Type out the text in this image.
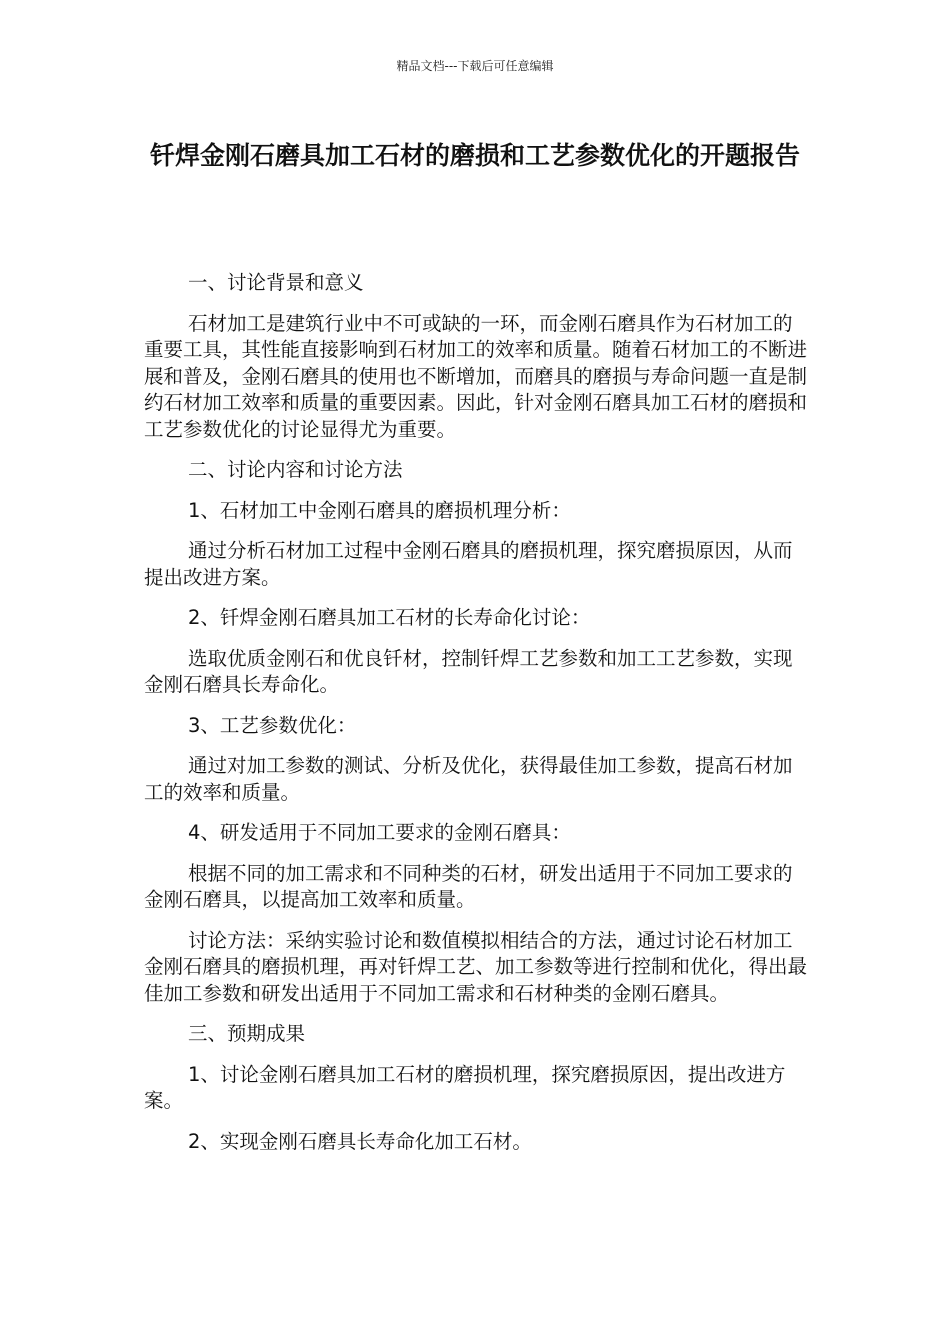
精品文档---下载后可任意编辑
钎焊金刚石磨具加工石材的磨损和工艺参数优化的开题报告

一、讨论背景和意义

石材加工是建筑行业中不可或缺的一环，而金刚石磨具作为石材加工的重要工具，其性能直接影响到石材加工的效率和质量。随着石材加工的不断进展和普及，金刚石磨具的使用也不断增加，而磨具的磨损与寿命问题一直是制约石材加工效率和质量的重要因素。因此，针对金刚石磨具加工石材的磨损和工艺参数优化的讨论显得尤为重要。

二、讨论内容和讨论方法

1、石材加工中金刚石磨具的磨损机理分析：

通过分析石材加工过程中金刚石磨具的磨损机理，探究磨损原因，从而提出改进方案。

2、钎焊金刚石磨具加工石材的长寿命化讨论：

选取优质金刚石和优良钎材，控制钎焊工艺参数和加工工艺参数，实现金刚石磨具长寿命化。

3、工艺参数优化：

通过对加工参数的测试、分析及优化，获得最佳加工参数，提高石材加工的效率和质量。

4、研发适用于不同加工要求的金刚石磨具：

根据不同的加工需求和不同种类的石材，研发出适用于不同加工要求的金刚石磨具，以提高加工效率和质量。

讨论方法：采纳实验讨论和数值模拟相结合的方法，通过讨论石材加工金刚石磨具的磨损机理，再对钎焊工艺、加工参数等进行控制和优化，得出最佳加工参数和研发出适用于不同加工需求和石材种类的金刚石磨具。

三、预期成果

1、讨论金刚石磨具加工石材的磨损机理，探究磨损原因，提出改进方案。

2、实现金刚石磨具长寿命化加工石材。
